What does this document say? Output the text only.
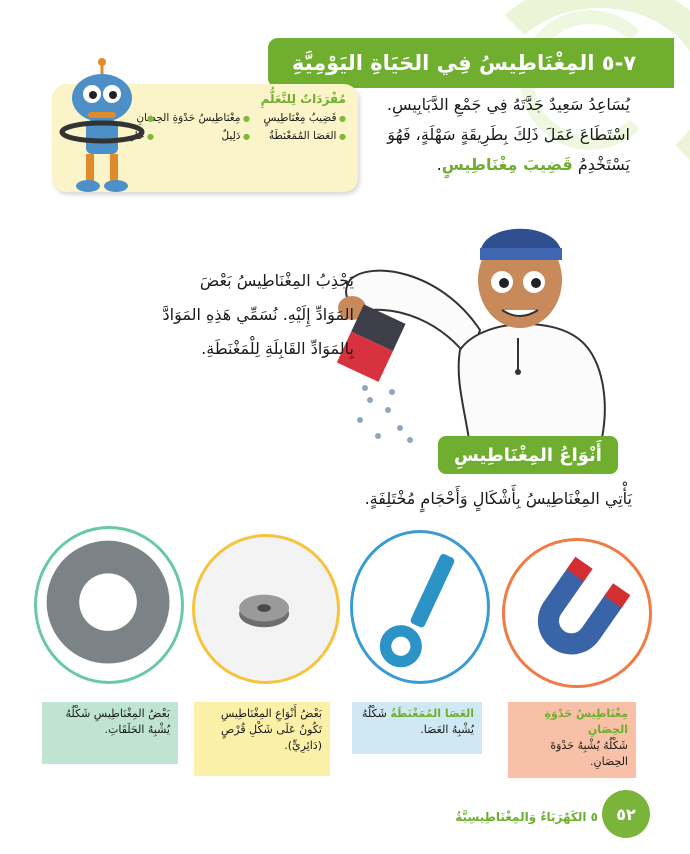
٧-٥ المِغْنَاطِيسُ فِي الحَيَاةِ اليَوْمِيَّةِ
مُفْرَدَاتٌ لِلتَّعَلُّمِ
● قَضِيبُ مِغْنَاطِيسٍ
● مِغْنَاطِيسُ حَدْوَةِ الحِصَانِ
●
● العَصَا المُمَغْنَطَةُ
● دَلِيلٌ
● حَامِي
يُسَاعِدُ سَعِيدٌ جَدَّتَهُ فِي جَمْعِ الدَّبَابِيسِ.
اسْتَطَاعَ عَمَلَ ذَلِكَ بِطَرِيقَةٍ سَهْلَةٍ، فَهُوَ
يَسْتَخْدِمُ قَضِيبَ مِغْنَاطِيسٍ.
يَجْذِبُ المِغْنَاطِيسُ بَعْضَ
المَوَادِّ إِلَيْهِ. نُسَمِّي هَذِهِ المَوَادَّ
بِالمَوَادِّ القَابِلَةِ لِلْمَغْنَطَةِ.
أَنْوَاعُ المِغْنَاطِيسِ
يَأْتِي المِغْنَاطِيسُ بِأَشْكَالٍ وَأَحْجَامٍ مُخْتَلِفَةٍ.
مِغْنَاطِيسُ حَدْوَةِ الحِصَانِ
شَكْلُهُ يُشْبِهُ حَدْوَةَ الحِصَانِ.
العَصَا المُمَغْنَطَةُ شَكْلُهُ
يُشْبِهُ العَصَا.
بَعْضُ أَنْوَاعِ المِغْنَاطِيسِ تَكُونُ عَلَى شَكْلِ قُرْصٍ (دَائِرِيٍّ).
بَعْضُ المِغْنَاطِيسِ شَكْلُهُ يُشْبِهُ الحَلَقَاتِ.
٥ الكَهْرَبَاءُ وَالمِغْنَاطِيسِيَّةُ	٥٢
